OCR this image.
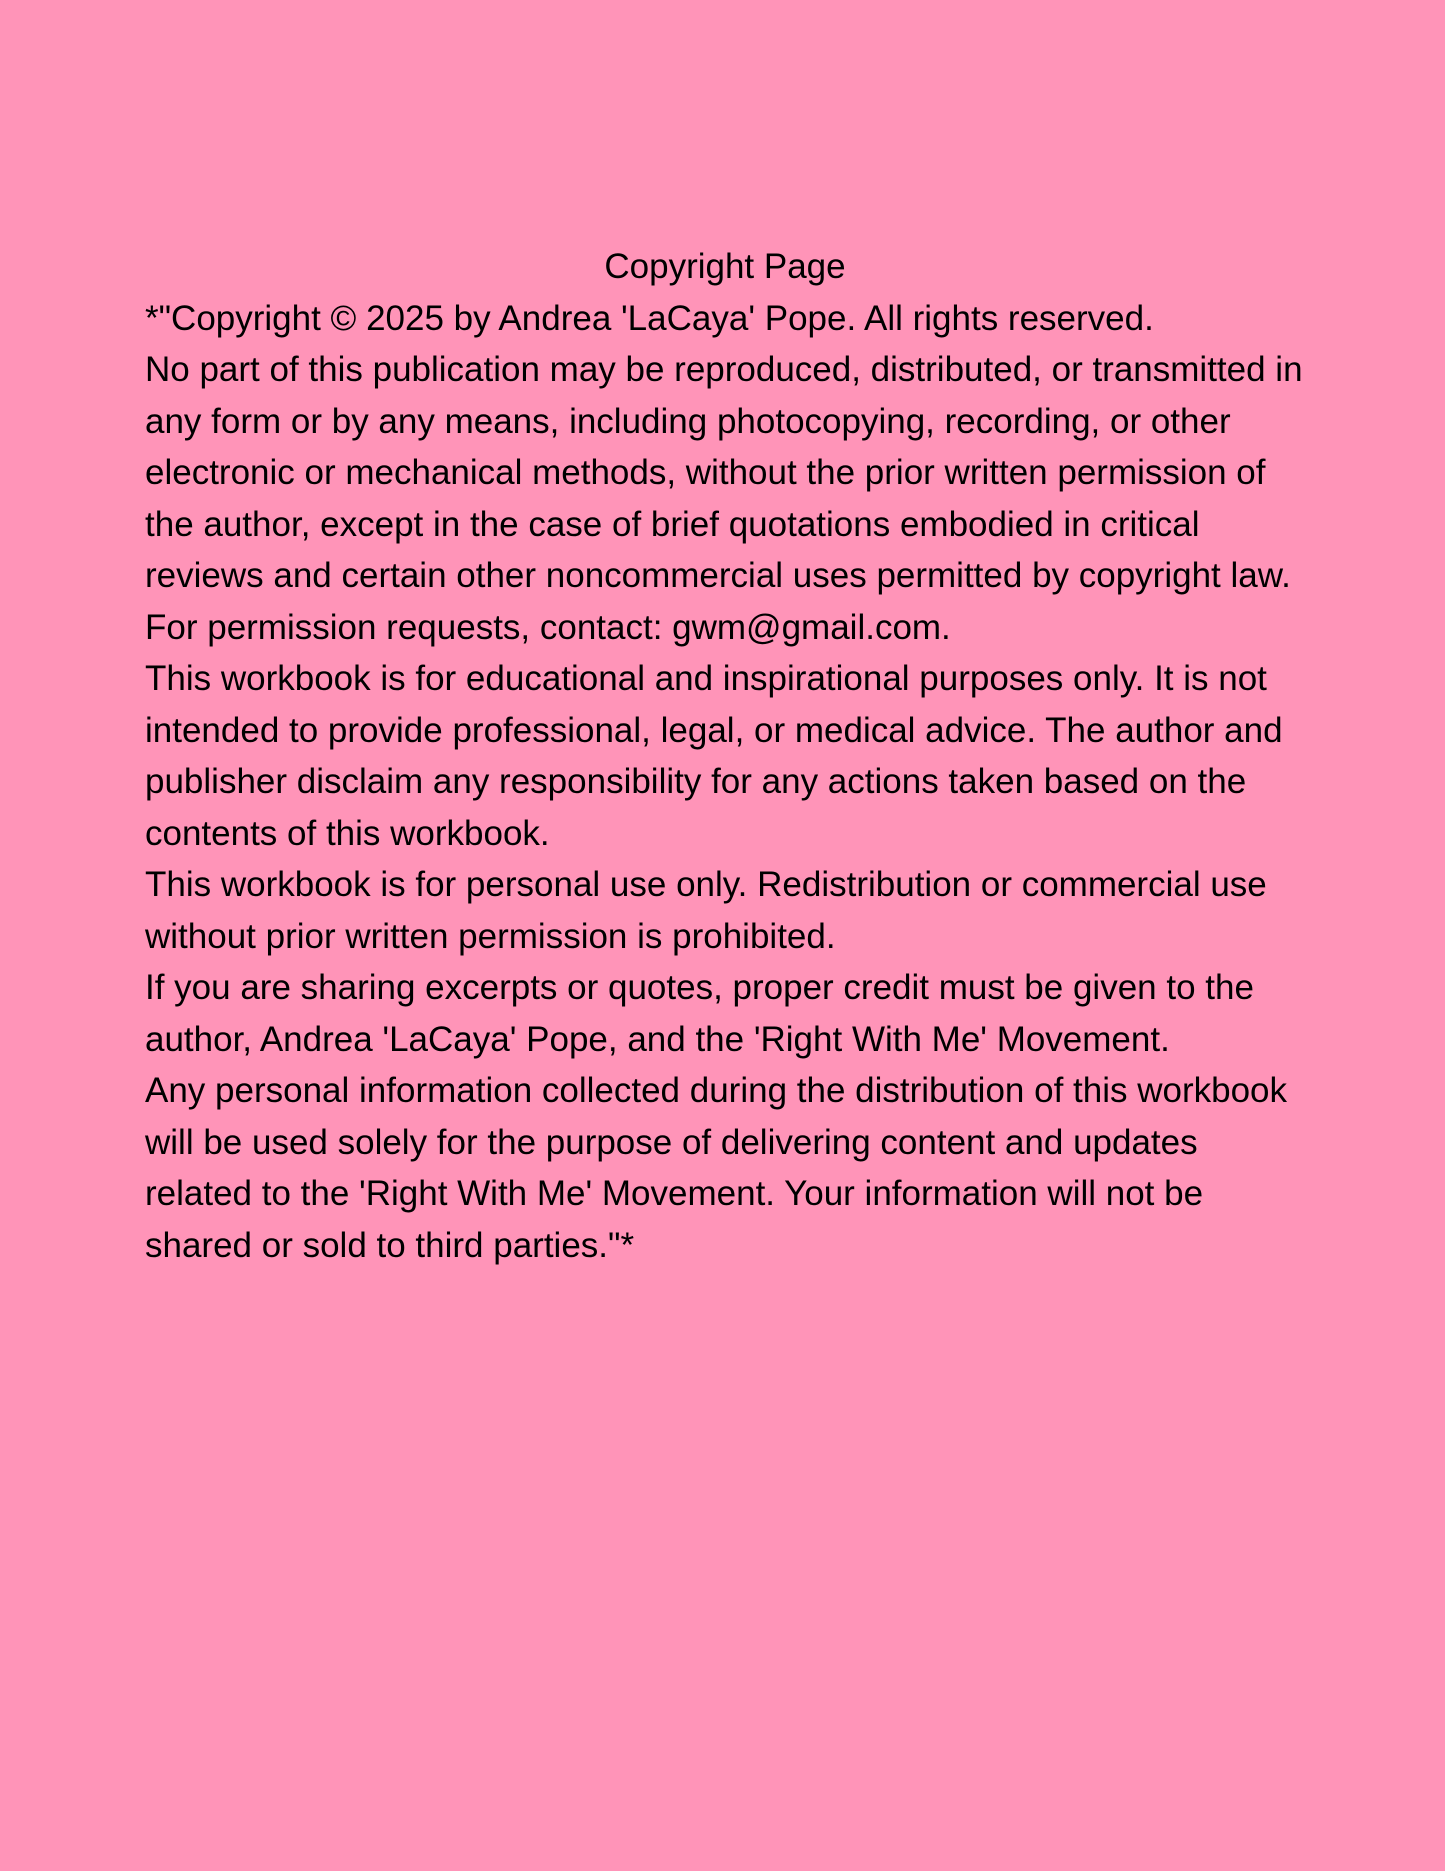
Copyright Page

*"Copyright © 2025 by Andrea 'LaCaya' Pope. All rights reserved.

No part of this publication may be reproduced, distributed, or transmitted in any form or by any means, including photocopying, recording, or other electronic or mechanical methods, without the prior written permission of the author, except in the case of brief quotations embodied in critical reviews and certain other noncommercial uses permitted by copyright law.

For permission requests, contact: gwm@gmail.com.

This workbook is for educational and inspirational purposes only. It is not intended to provide professional, legal, or medical advice. The author and publisher disclaim any responsibility for any actions taken based on the contents of this workbook.

This workbook is for personal use only. Redistribution or commercial use without prior written permission is prohibited.

If you are sharing excerpts or quotes, proper credit must be given to the author, Andrea 'LaCaya' Pope, and the 'Right With Me' Movement.

Any personal information collected during the distribution of this workbook will be used solely for the purpose of delivering content and updates related to the 'Right With Me' Movement. Your information will not be shared or sold to third parties."*
